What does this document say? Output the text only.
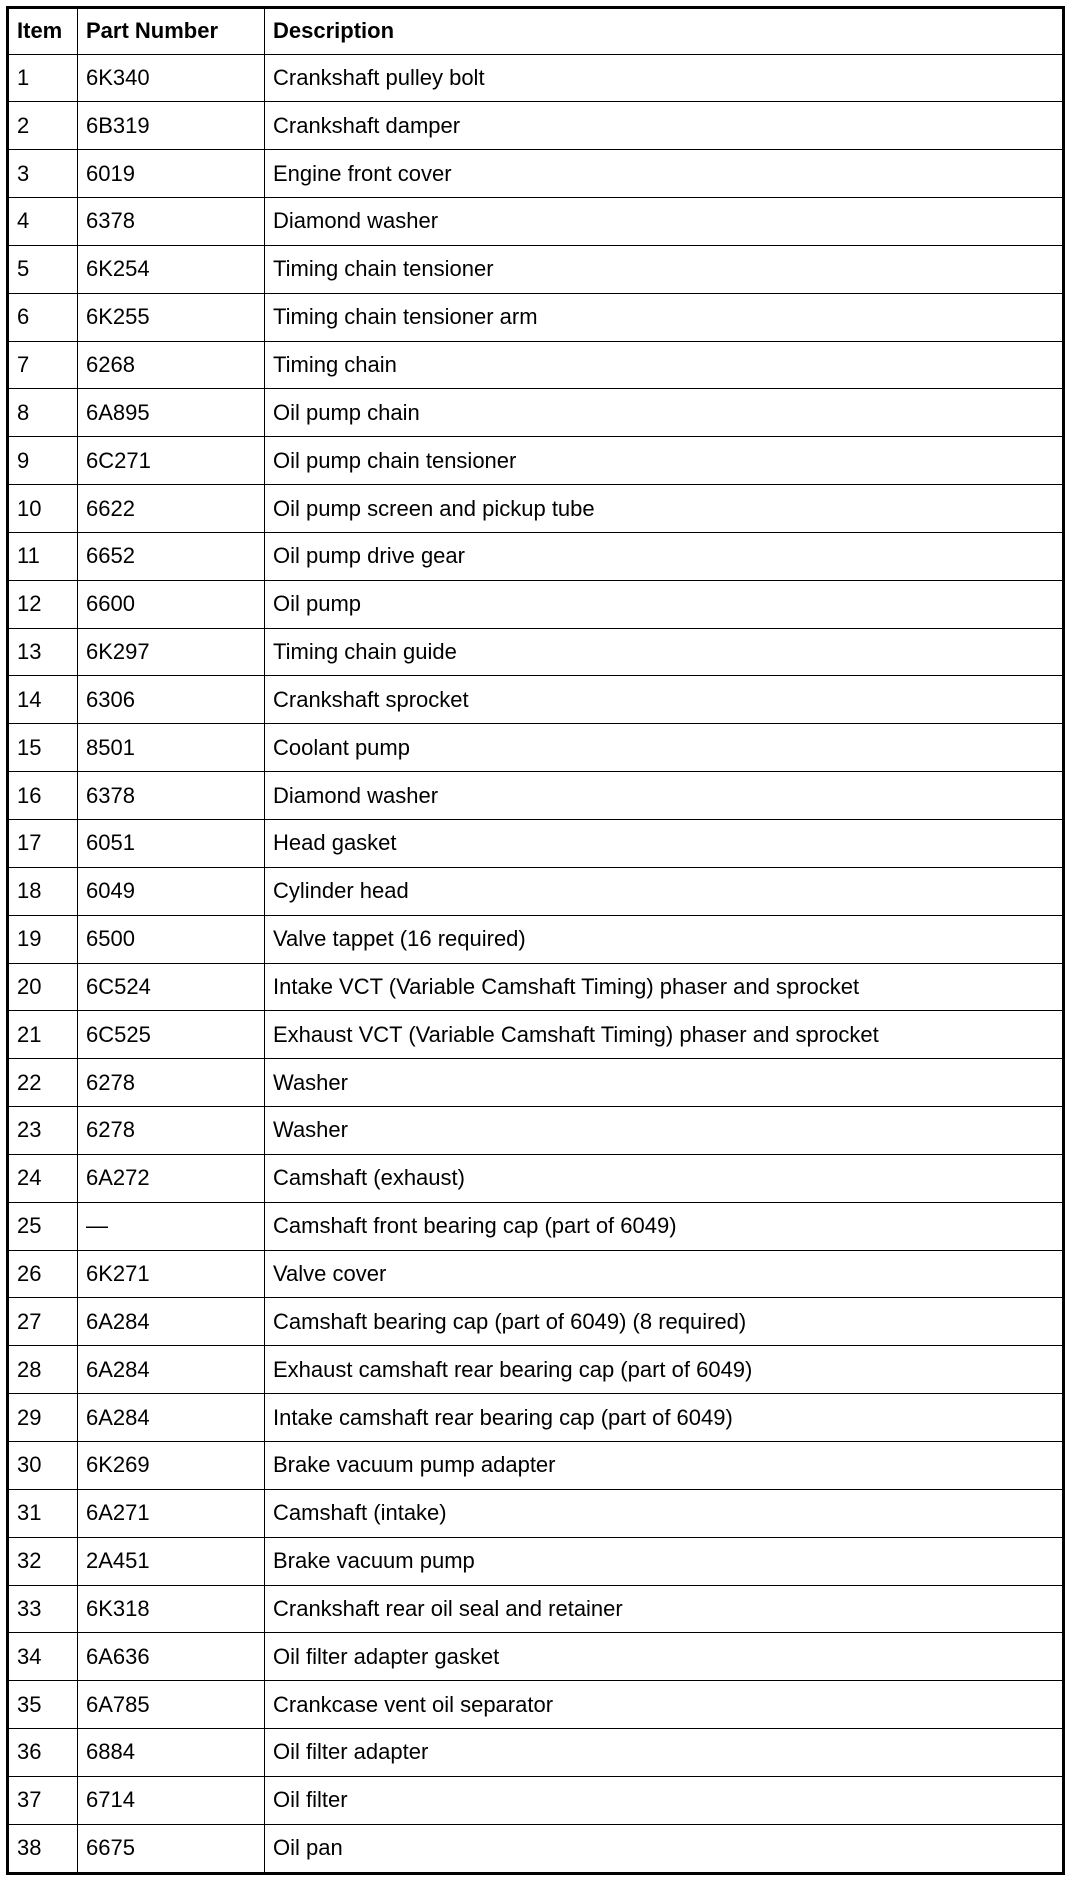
Item	Part Number	Description
1	6K340	Crankshaft pulley bolt
2	6B319	Crankshaft damper
3	6019	Engine front cover
4	6378	Diamond washer
5	6K254	Timing chain tensioner
6	6K255	Timing chain tensioner arm
7	6268	Timing chain
8	6A895	Oil pump chain
9	6C271	Oil pump chain tensioner
10	6622	Oil pump screen and pickup tube
11	6652	Oil pump drive gear
12	6600	Oil pump
13	6K297	Timing chain guide
14	6306	Crankshaft sprocket
15	8501	Coolant pump
16	6378	Diamond washer
17	6051	Head gasket
18	6049	Cylinder head
19	6500	Valve tappet (16 required)
20	6C524	Intake VCT (Variable Camshaft Timing) phaser and sprocket
21	6C525	Exhaust VCT (Variable Camshaft Timing) phaser and sprocket
22	6278	Washer
23	6278	Washer
24	6A272	Camshaft (exhaust)
25	—	Camshaft front bearing cap (part of 6049)
26	6K271	Valve cover
27	6A284	Camshaft bearing cap (part of 6049) (8 required)
28	6A284	Exhaust camshaft rear bearing cap (part of 6049)
29	6A284	Intake camshaft rear bearing cap (part of 6049)
30	6K269	Brake vacuum pump adapter
31	6A271	Camshaft (intake)
32	2A451	Brake vacuum pump
33	6K318	Crankshaft rear oil seal and retainer
34	6A636	Oil filter adapter gasket
35	6A785	Crankcase vent oil separator
36	6884	Oil filter adapter
37	6714	Oil filter
38	6675	Oil pan
